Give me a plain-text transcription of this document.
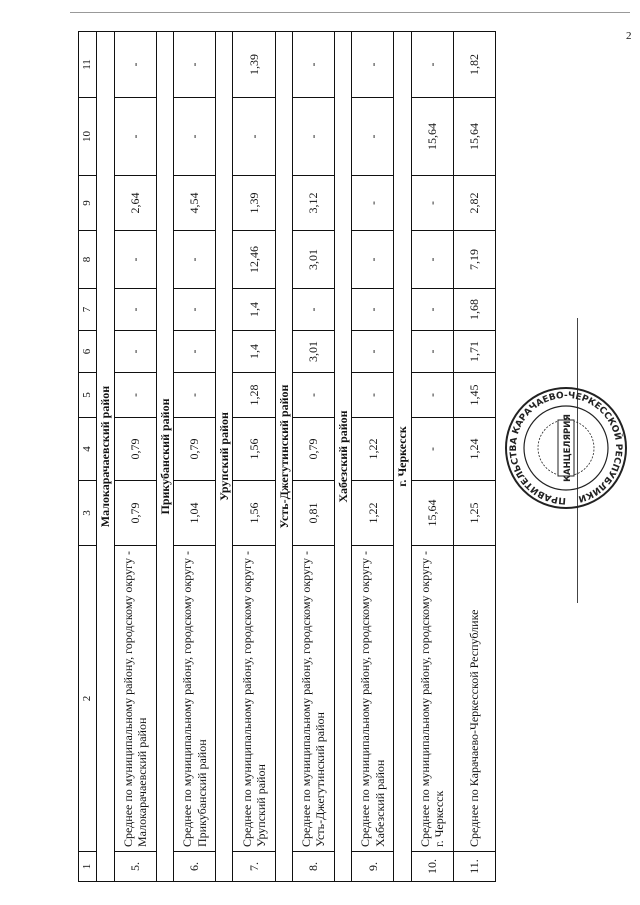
2
1	2	3	4	5	6	7	8	9	10	11
Малокарачаевский район										
5.	Среднее по муниципальному району, городскому округу - Малокарачаевский район	0,79	0,79	-	-	-	-	2,64	-	-
Прикубанский район										
6.	Среднее по муниципальному району, городскому округу - Прикубанский район	1,04	0,79	-	-	-	-	4,54	-	-
Урупский район										
7.	Среднее по муниципальному району, городскому округу - Урупский район	1,56	1,56	1,28	1,4	1,4	12,46	1,39	-	1,39
Усть-Джегутинский район										
8.	Среднее по муниципальному району, городскому округу - Усть-Джегутинский район	0,81	0,79	-	3,01	-	3,01	3,12	-	-
Хабезский район										
9.	Среднее по муниципальному району, городскому округу - Хабезский район	1,22	1,22	-	-	-	-	-	-	-
г. Черкесск										
10.	Среднее по муниципальному району, городскому округу - г. Черкесск	15,64	-	-	-	-	-	-	15,64	-
11.	Среднее по Карачаево-Черкесской Республике	1,25	1,24	1,45	1,71	1,68	7,19	2,82	15,64	1,82
ПРАВИТЕЛЬСТВА КАРАЧАЕВО-ЧЕРКЕССКОЙ РЕСПУБЛИКИ
КАНЦЕЛЯРИЯ
